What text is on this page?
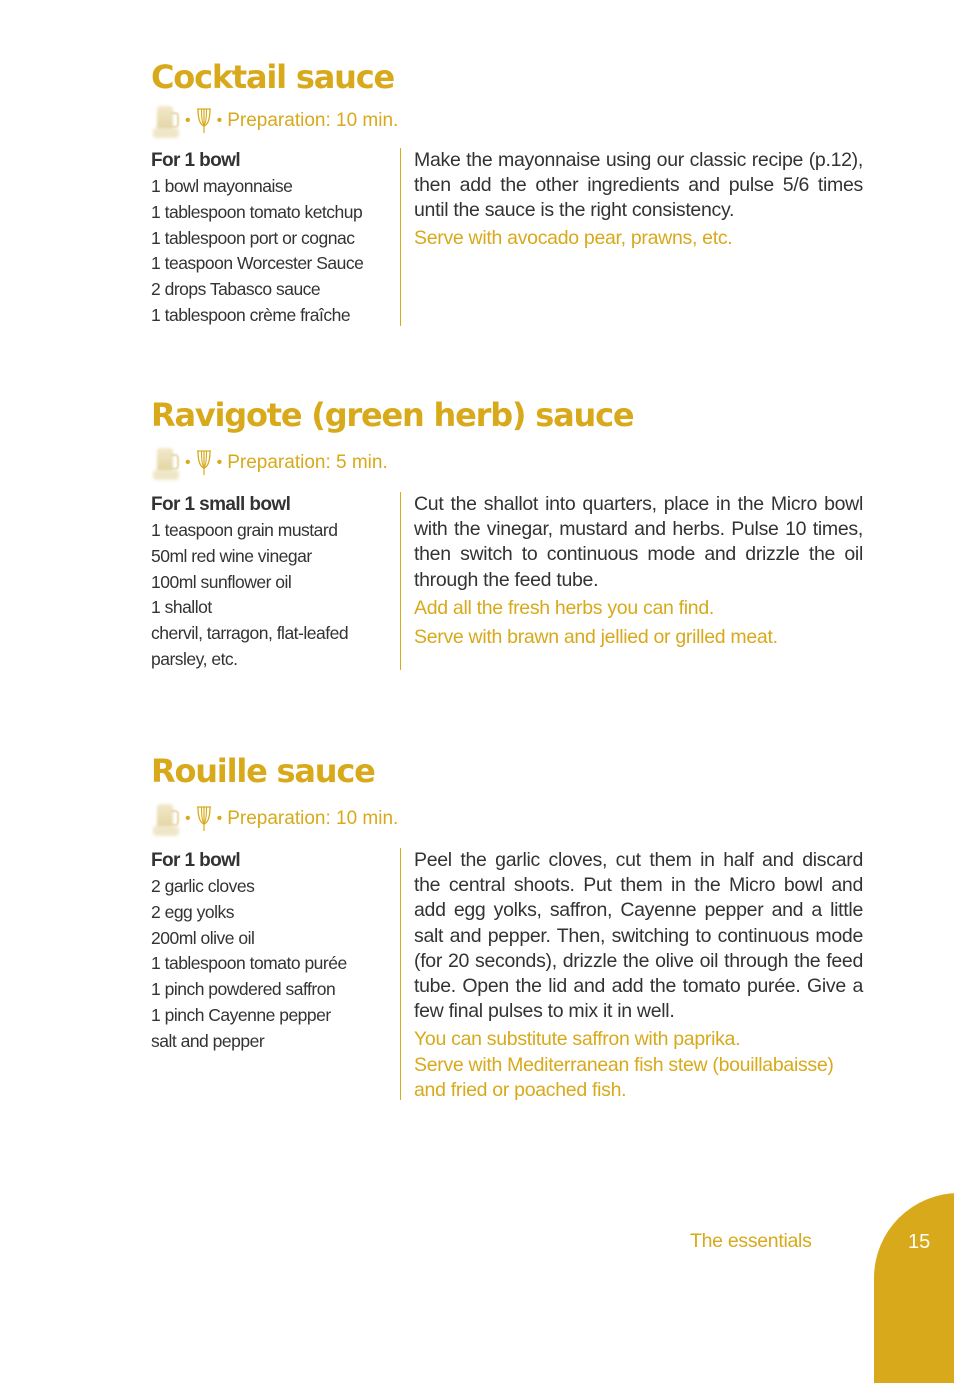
Cocktail sauce
• • Preparation: 10 min.
For 1 bowl
1 bowl mayonnaise
1 tablespoon tomato ketchup
1 tablespoon port or cognac
1 teaspoon Worcester Sauce
2 drops Tabasco sauce
1 tablespoon crème fraîche

Make the mayonnaise using our classic recipe (p.12), then add the other ingredients and pulse 5/6 times until the sauce is the right consistency.

Serve with avocado pear, prawns, etc.

Ravigote (green herb) sauce
• • Preparation: 5 min.
For 1 small bowl
1 teaspoon grain mustard
50ml red wine vinegar
100ml sunflower oil
1 shallot
chervil, tarragon, flat-leafed
parsley, etc.

Cut the shallot into quarters, place in the Micro bowl with the vinegar, mustard and herbs. Pulse 10 times, then switch to continuous mode and drizzle the oil through the feed tube.

Add all the fresh herbs you can find.

Serve with brawn and jellied or grilled meat.

Rouille sauce
• • Preparation: 10 min.
For 1 bowl
2 garlic cloves
2 egg yolks
200ml olive oil
1 tablespoon tomato purée
1 pinch powdered saffron
1 pinch Cayenne pepper
salt and pepper

Peel the garlic cloves, cut them in half and discard the central shoots. Put them in the Micro bowl and add egg yolks, saffron, Cayenne pepper and a little salt and pepper. Then, switching to continuous mode (for 20 seconds), drizzle the olive oil through the feed tube. Open the lid and add the tomato purée. Give a few final pulses to mix it in well.

You can substitute saffron with paprika.

Serve with Mediterranean fish stew (bouillabaisse) and fried or poached fish.

The essentials	15
